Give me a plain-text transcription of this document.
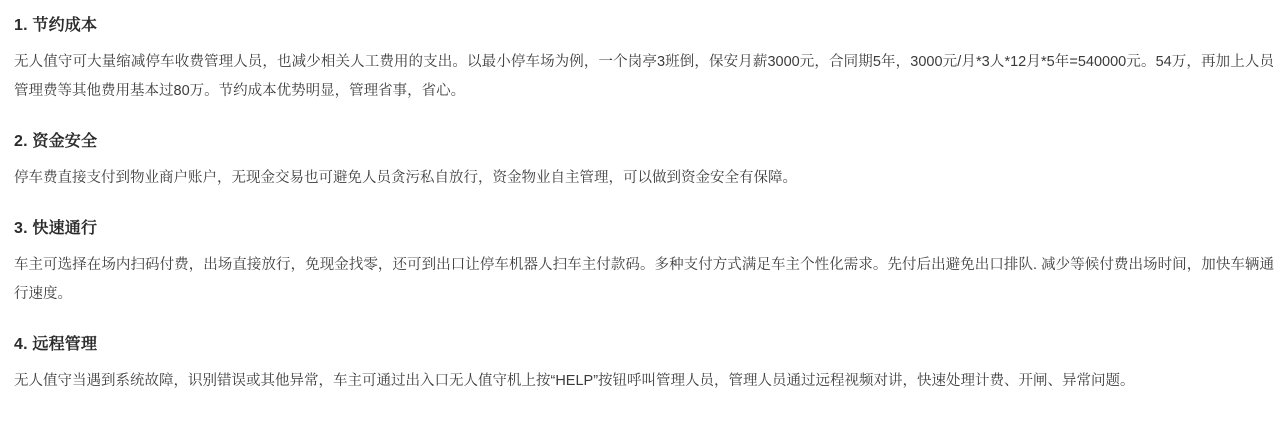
1. 节约成本

无人值守可大量缩减停车收费管理人员，也减少相关人工费用的支出。以最小停车场为例，一个岗亭3班倒，保安月薪3000元，合同期5年，3000元/月*3人*12月*5年=540000元。54万，再加上人员管理费等其他费用基本过80万。节约成本优势明显，管理省事，省心。

2. 资金安全

停车费直接支付到物业商户账户，无现金交易也可避免人员贪污私自放行，资金物业自主管理，可以做到资金安全有保障。

3. 快速通行

车主可选择在场内扫码付费，出场直接放行，免现金找零，还可到出口让停车机器人扫车主付款码。多种支付方式满足车主个性化需求。先付后出避免出口排队. 减少等候付费出场时间，加快车辆通行速度。

4. 远程管理

无人值守当遇到系统故障，识别错误或其他异常，车主可通过出入口无人值守机上按“HELP”按钮呼叫管理人员，管理人员通过远程视频对讲，快速处理计费、开闸、异常问题。
